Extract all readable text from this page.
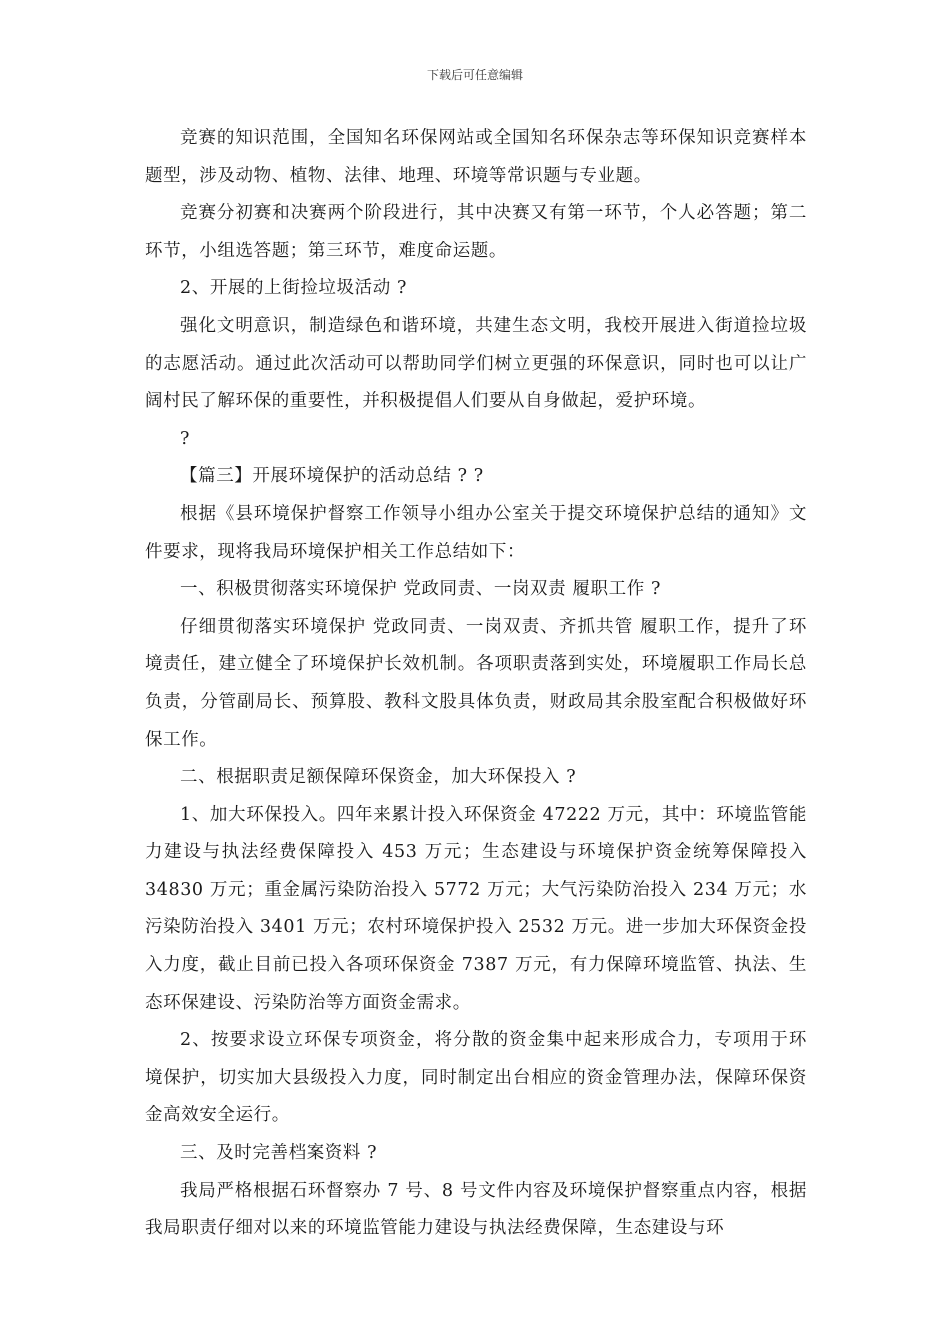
下载后可任意编辑

竞赛的知识范围，全国知名环保网站或全国知名环保杂志等环保知识竞赛样本题型，涉及动物、植物、法律、地理、环境等常识题与专业题。

竞赛分初赛和决赛两个阶段进行，其中决赛又有第一环节，个人必答题；第二环节，小组选答题；第三环节，难度命运题。

2、开展的上街捡垃圾活动 ?

强化文明意识，制造绿色和谐环境，共建生态文明，我校开展进入街道捡垃圾的志愿活动。通过此次活动可以帮助同学们树立更强的环保意识，同时也可以让广阔村民了解环保的重要性，并积极提倡人们要从自身做起，爱护环境。

?

【篇三】开展环境保护的活动总结 ? ?

根据《县环境保护督察工作领导小组办公室关于提交环境保护总结的通知》文件要求，现将我局环境保护相关工作总结如下：

一、积极贯彻落实环境保护 党政同责、一岗双责 履职工作 ?

仔细贯彻落实环境保护 党政同责、一岗双责、齐抓共管 履职工作，提升了环境责任，建立健全了环境保护长效机制。各项职责落到实处，环境履职工作局长总负责，分管副局长、预算股、教科文股具体负责，财政局其余股室配合积极做好环保工作。

二、根据职责足额保障环保资金，加大环保投入 ?

1、加大环保投入。四年来累计投入环保资金 47222 万元，其中：环境监管能力建设与执法经费保障投入 453 万元；生态建设与环境保护资金统筹保障投入 34830 万元；重金属污染防治投入 5772 万元；大气污染防治投入 234 万元；水污染防治投入 3401 万元；农村环境保护投入 2532 万元。进一步加大环保资金投入力度，截止目前已投入各项环保资金 7387 万元，有力保障环境监管、执法、生态环保建设、污染防治等方面资金需求。

2、按要求设立环保专项资金，将分散的资金集中起来形成合力，专项用于环境保护，切实加大县级投入力度，同时制定出台相应的资金管理办法，保障环保资金高效安全运行。

三、及时完善档案资料 ?

我局严格根据石环督察办 7 号、8 号文件内容及环境保护督察重点内容，根据我局职责仔细对以来的环境监管能力建设与执法经费保障，生态建设与环
